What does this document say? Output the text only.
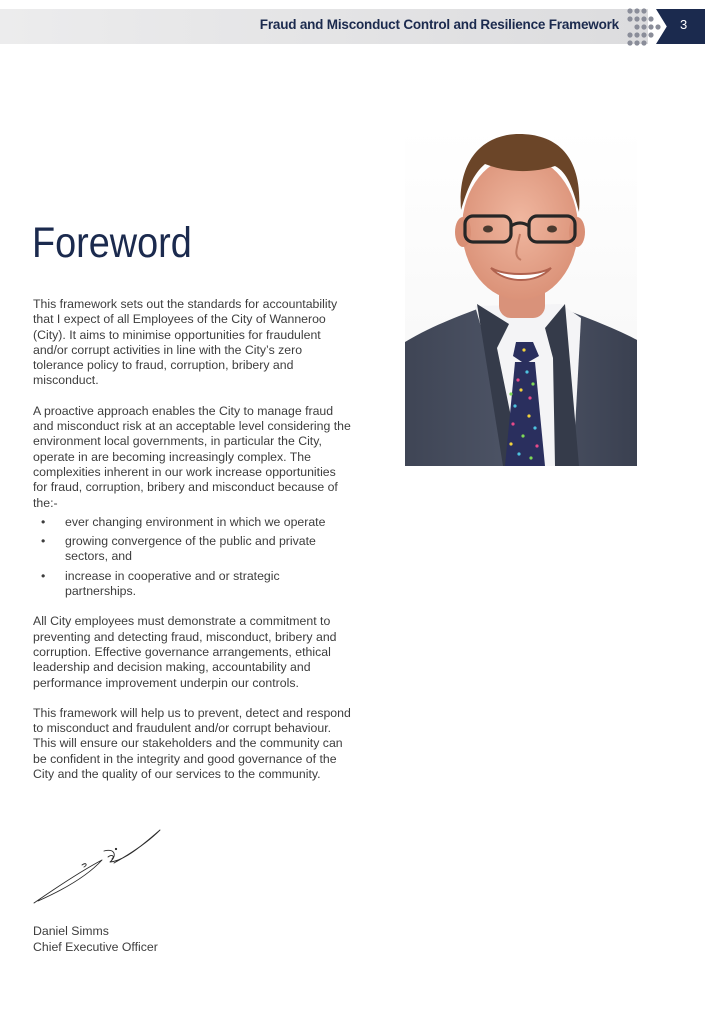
Fraud and Misconduct Control and Resilience Framework	3
Foreword

This framework sets out the standards for accountability that I expect of all Employees of the City of Wanneroo (City). It aims to minimise opportunities for fraudulent and/or corrupt activities in line with the City’s zero tolerance policy to fraud, corruption, bribery and misconduct.

A proactive approach enables the City to manage fraud and misconduct risk at an acceptable level considering the environment local governments, in particular the City, operate in are becoming increasingly complex. The complexities inherent in our work increase opportunities for fraud, corruption, bribery and misconduct because of the:-

• ever changing environment in which we operate
• growing convergence of the public and private sectors, and
• increase in cooperative and or strategic partnerships.

All City employees must demonstrate a commitment to preventing and detecting fraud, misconduct, bribery and corruption. Effective governance arrangements, ethical leadership and decision making, accountability and performance improvement underpin our controls.

This framework will help us to prevent, detect and respond to misconduct and fraudulent and/or corrupt behaviour. This will ensure our stakeholders and the community can be confident in the integrity and good governance of the City and the quality of our services to the community.

Daniel Simms
Chief Executive Officer
